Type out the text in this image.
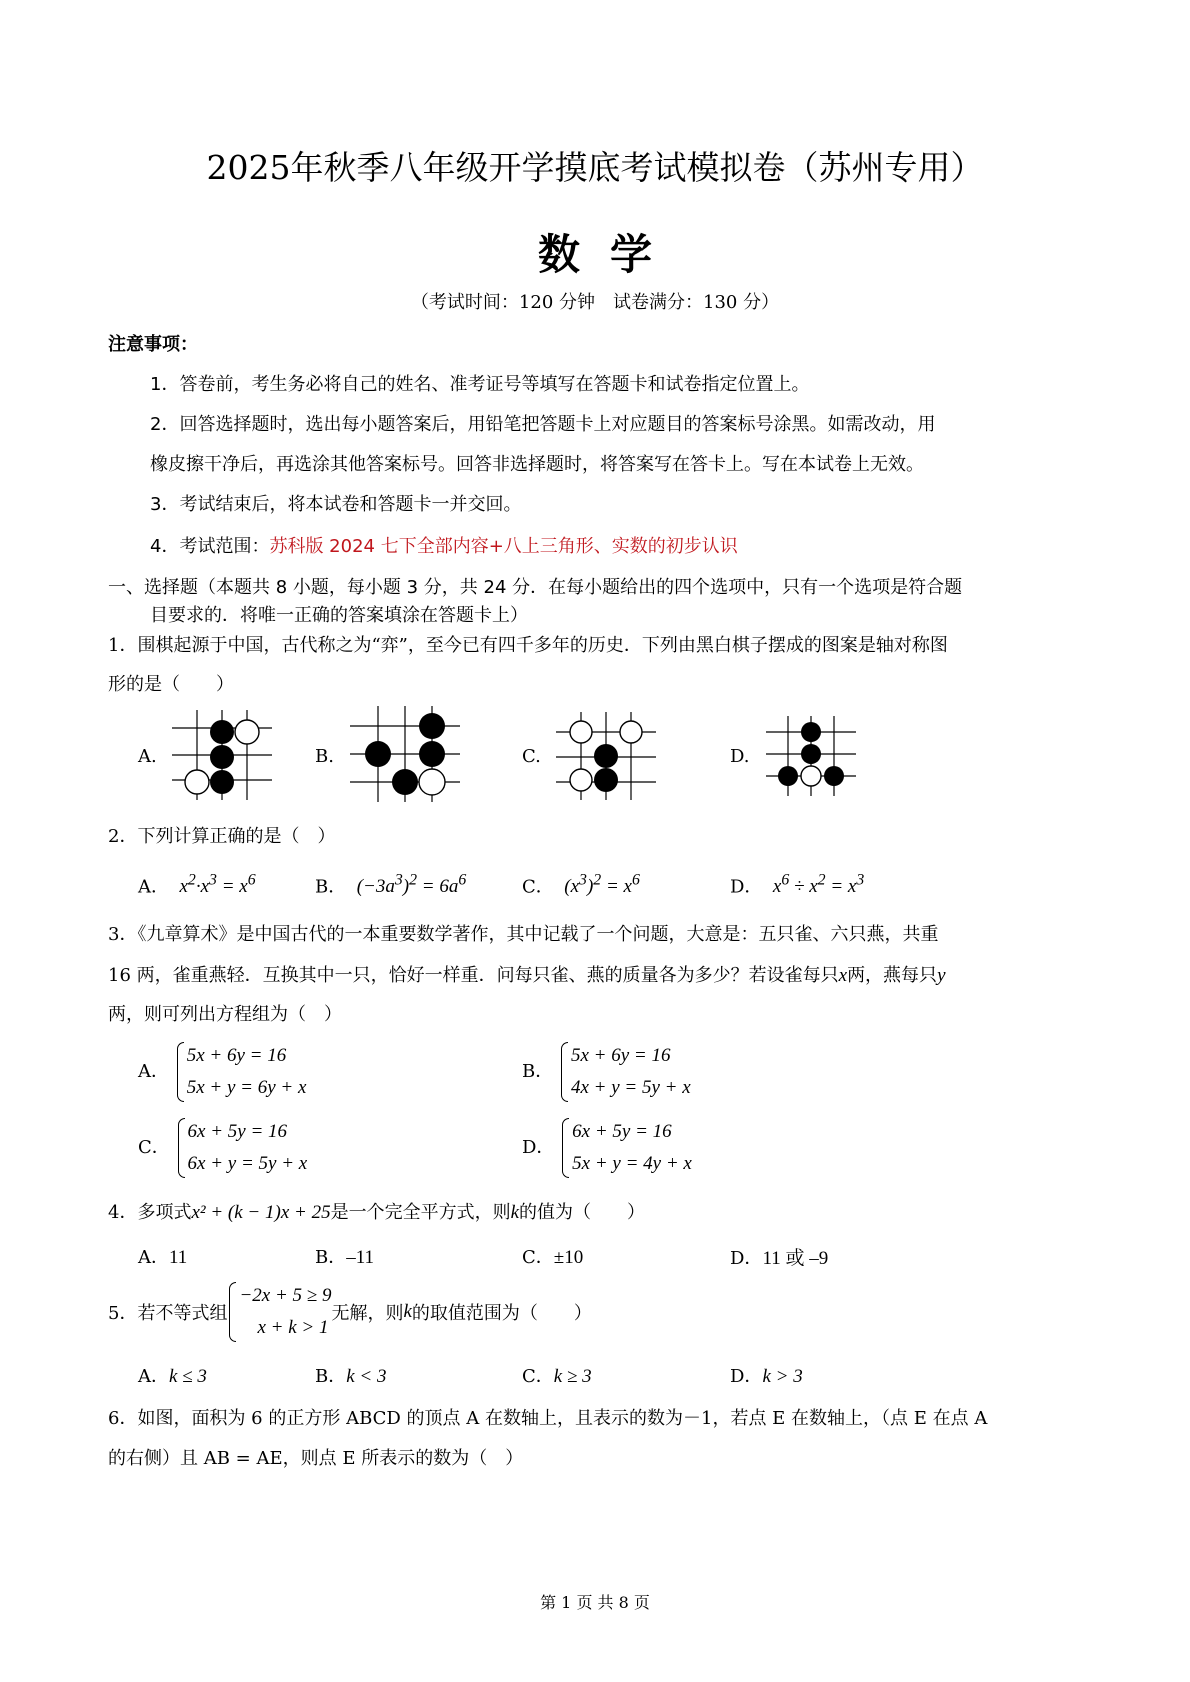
2025年秋季八年级开学摸底考试模拟卷（苏州专用）
数学
（考试时间：120 分钟　试卷满分：130 分）
注意事项：
1．答卷前，考生务必将自己的姓名、准考证号等填写在答题卡和试卷指定位置上。
2．回答选择题时，选出每小题答案后，用铅笔把答题卡上对应题目的答案标号涂黑。如需改动，用
橡皮擦干净后，再选涂其他答案标号。回答非选择题时，将答案写在答卡上。写在本试卷上无效。
3．考试结束后，将本试卷和答题卡一并交回。
4．考试范围：苏科版 2024 七下全部内容+八上三角形、实数的初步认识
一、选择题（本题共 8 小题，每小题 3 分，共 24 分．在每小题给出的四个选项中，只有一个选项是符合题
目要求的．将唯一正确的答案填涂在答题卡上）
1．围棋起源于中国，古代称之为“弈”，至今已有四千多年的历史．下列由黑白棋子摆成的图案是轴对称图
形的是（　　）
A.	B.	C.	D.
2．下列计算正确的是（　）
A．  $x^2\cdot x^3 = x^6$	B．  $(-3a^3)^2 = 6a^6$	C．  $(x^3)^2 = x^6$	D．  $x^6 \div x^2 = x^3$
3．《九章算术》是中国古代的一本重要数学著作，其中记载了一个问题，大意是：五只雀、六只燕，共重
16 两，雀重燕轻．互换其中一只，恰好一样重．问每只雀、燕的质量各为多少？若设雀每只x两，燕每只y
两，则可列出方程组为（　）
A．
5x + 6y = 16
5x + y = 6y + x
B．
5x + 6y = 16
4x + y = 5y + x
C．
6x + 5y = 16
6x + y = 5y + x
D．
6x + 5y = 16
5x + y = 4y + x
4．多项式x² + (k − 1)x + 25是一个完全平方式，则k的值为（　　）
A．11	B．–11	C．±10	D．11 或 –9
5．若不等式组
−2x + 5 ≥ 9
x + k > 1
无解，则k的取值范围为（　　）
A．k ≤ 3	B．k < 3	C．k ≥ 3	D．k > 3
6．如图，面积为 6 的正方形 ABCD 的顶点 A 在数轴上，且表示的数为－1，若点 E 在数轴上，（点 E 在点 A
的右侧）且 AB = AE，则点 E 所表示的数为（　）
第 1 页 共 8 页
